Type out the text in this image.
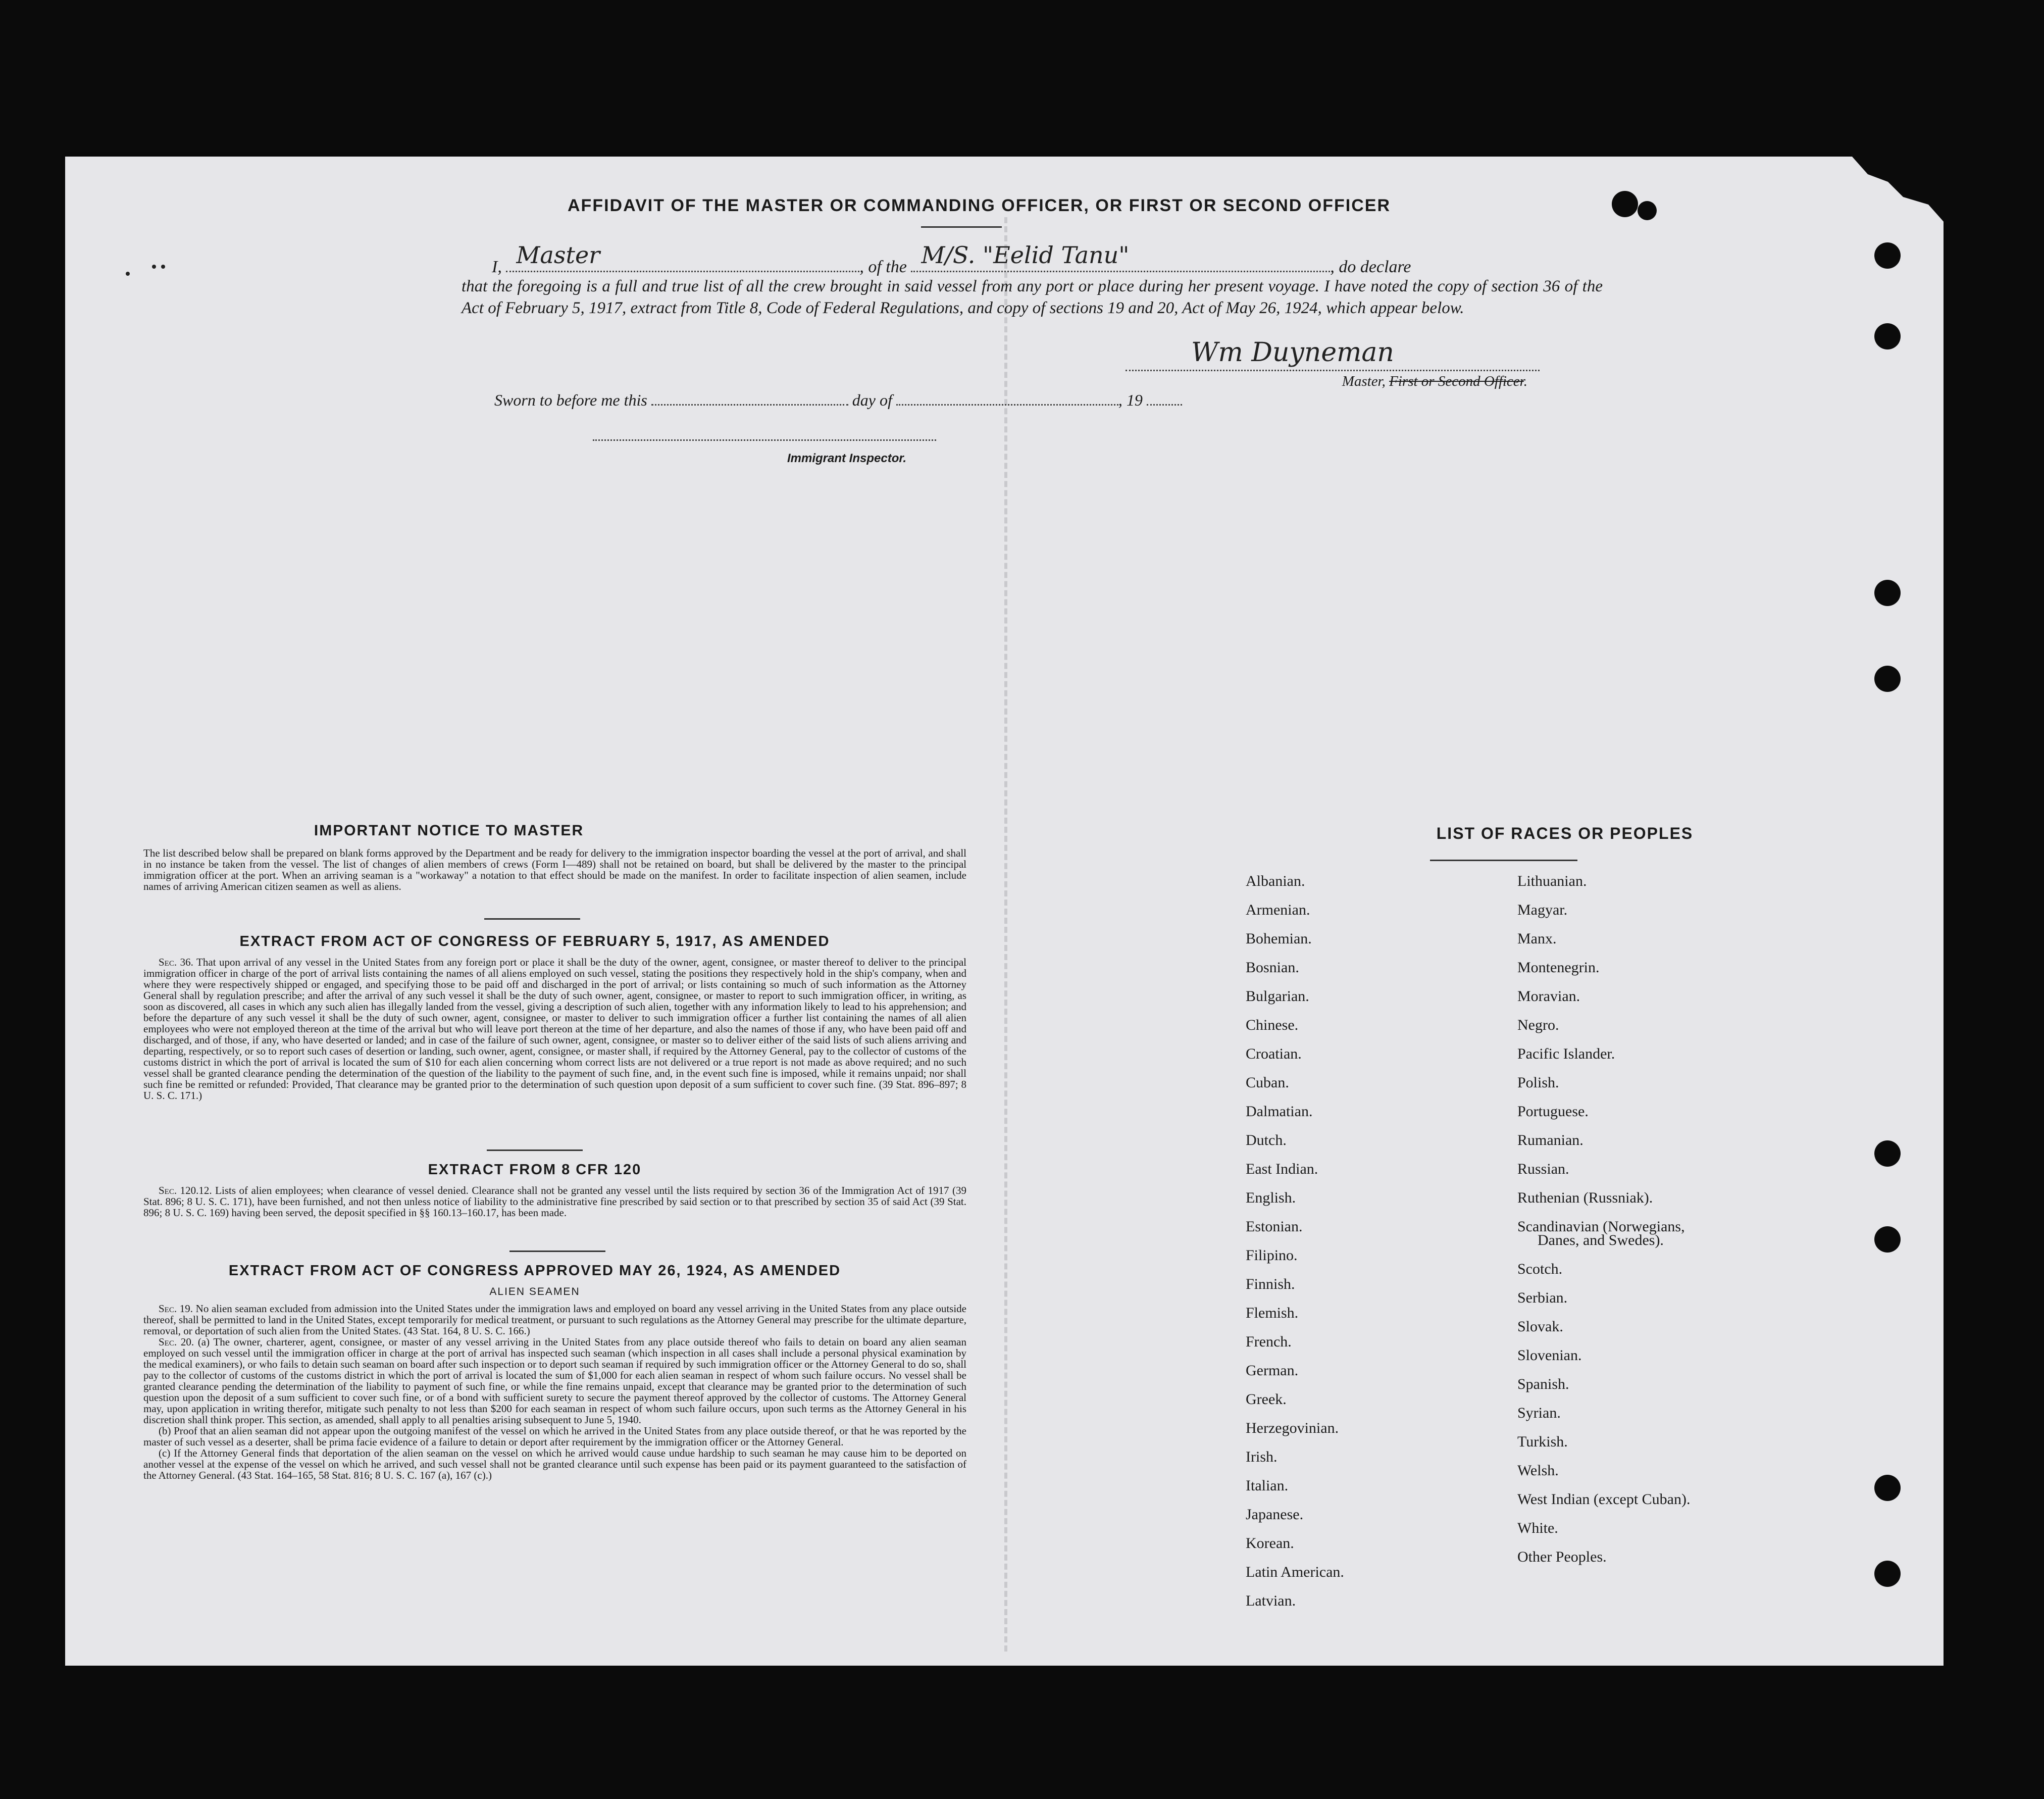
AFFIDAVIT OF THE MASTER OR COMMANDING OFFICER, OR FIRST OR SECOND OFFICER
I, Master	, of the M/S. "Eelid Tanu"	, do declare
that the foregoing is a full and true list of all the crew brought in said vessel from any port or place during her present voyage. I have noted the copy of section 36 of the Act of February 5, 1917, extract from Title 8, Code of Federal Regulations, and copy of sections 19 and 20, Act of May 26, 1924, which appear below.
Wm Duyneman
Master, First or Second Officer.
Sworn to before me this	day of	, 19
Immigrant Inspector.
IMPORTANT NOTICE TO MASTER
The list described below shall be prepared on blank forms approved by the Department and be ready for delivery to the immigration inspector boarding the vessel at the port of arrival, and shall in no instance be taken from the vessel. The list of changes of alien members of crews (Form I—489) shall not be retained on board, but shall be delivered by the master to the principal immigration officer at the port. When an arriving seaman is a "workaway" a notation to that effect should be made on the manifest. In order to facilitate inspection of alien seamen, include names of arriving American citizen seamen as well as aliens.
EXTRACT FROM ACT OF CONGRESS OF FEBRUARY 5, 1917, AS AMENDED
Sec. 36. That upon arrival of any vessel in the United States from any foreign port or place it shall be the duty of the owner, agent, consignee, or master thereof to deliver to the principal immigration officer in charge of the port of arrival lists containing the names of all aliens employed on such vessel, stating the positions they respectively hold in the ship's company, when and where they were respectively shipped or engaged, and specifying those to be paid off and discharged in the port of arrival; or lists containing so much of such information as the Attorney General shall by regulation prescribe; and after the arrival of any such vessel it shall be the duty of such owner, agent, consignee, or master to report to such immigration officer, in writing, as soon as discovered, all cases in which any such alien has illegally landed from the vessel, giving a description of such alien, together with any information likely to lead to his apprehension; and before the departure of any such vessel it shall be the duty of such owner, agent, consignee, or master to deliver to such immigration officer a further list containing the names of all alien employees who were not employed thereon at the time of the arrival but who will leave port thereon at the time of her departure, and also the names of those if any, who have been paid off and discharged, and of those, if any, who have deserted or landed; and in case of the failure of such owner, agent, consignee, or master so to deliver either of the said lists of such aliens arriving and departing, respectively, or so to report such cases of desertion or landing, such owner, agent, consignee, or master shall, if required by the Attorney General, pay to the collector of customs of the customs district in which the port of arrival is located the sum of $10 for each alien concerning whom correct lists are not delivered or a true report is not made as above required; and no such vessel shall be granted clearance pending the determination of the question of the liability to the payment of such fine, and, in the event such fine is imposed, while it remains unpaid; nor shall such fine be remitted or refunded: Provided, That clearance may be granted prior to the determination of such question upon deposit of a sum sufficient to cover such fine. (39 Stat. 896–897; 8 U. S. C. 171.)
EXTRACT FROM 8 CFR 120
Sec. 120.12. Lists of alien employees; when clearance of vessel denied. Clearance shall not be granted any vessel until the lists required by section 36 of the Immigration Act of 1917 (39 Stat. 896; 8 U. S. C. 171), have been furnished, and not then unless notice of liability to the administrative fine prescribed by said section or to that prescribed by section 35 of said Act (39 Stat. 896; 8 U. S. C. 169) having been served, the deposit specified in §§ 160.13–160.17, has been made.
EXTRACT FROM ACT OF CONGRESS APPROVED MAY 26, 1924, AS AMENDED
ALIEN SEAMEN
Sec. 19. No alien seaman excluded from admission into the United States under the immigration laws and employed on board any vessel arriving in the United States from any place outside thereof, shall be permitted to land in the United States, except temporarily for medical treatment, or pursuant to such regulations as the Attorney General may prescribe for the ultimate departure, removal, or deportation of such alien from the United States. (43 Stat. 164, 8 U. S. C. 166.)
Sec. 20. (a) The owner, charterer, agent, consignee, or master of any vessel arriving in the United States from any place outside thereof who fails to detain on board any alien seaman employed on such vessel until the immigration officer in charge at the port of arrival has inspected such seaman (which inspection in all cases shall include a personal physical examination by the medical examiners), or who fails to detain such seaman on board after such inspection or to deport such seaman if required by such immigration officer or the Attorney General to do so, shall pay to the collector of customs of the customs district in which the port of arrival is located the sum of $1,000 for each alien seaman in respect of whom such failure occurs. No vessel shall be granted clearance pending the determination of the liability to payment of such fine, or while the fine remains unpaid, except that clearance may be granted prior to the determination of such question upon the deposit of a sum sufficient to cover such fine, or of a bond with sufficient surety to secure the payment thereof approved by the collector of customs. The Attorney General may, upon application in writing therefor, mitigate such penalty to not less than $200 for each seaman in respect of whom such failure occurs, upon such terms as the Attorney General in his discretion shall think proper. This section, as amended, shall apply to all penalties arising subsequent to June 5, 1940.
(b) Proof that an alien seaman did not appear upon the outgoing manifest of the vessel on which he arrived in the United States from any place outside thereof, or that he was reported by the master of such vessel as a deserter, shall be prima facie evidence of a failure to detain or deport after requirement by the immigration officer or the Attorney General.
(c) If the Attorney General finds that deportation of the alien seaman on the vessel on which he arrived would cause undue hardship to such seaman he may cause him to be deported on another vessel at the expense of the vessel on which he arrived, and such vessel shall not be granted clearance until such expense has been paid or its payment guaranteed to the satisfaction of the Attorney General. (43 Stat. 164–165, 58 Stat. 816; 8 U. S. C. 167 (a), 167 (c).)
LIST OF RACES OR PEOPLES
Albanian.
Armenian.
Bohemian.
Bosnian.
Bulgarian.
Chinese.
Croatian.
Cuban.
Dalmatian.
Dutch.
East Indian.
English.
Estonian.
Filipino.
Finnish.
Flemish.
French.
German.
Greek.
Herzegovinian.
Irish.
Italian.
Japanese.
Korean.
Latin American.
Latvian.
Lithuanian.
Magyar.
Manx.
Montenegrin.
Moravian.
Negro.
Pacific Islander.
Polish.
Portuguese.
Rumanian.
Russian.
Ruthenian (Russniak).
Scandinavian (Norwegians,
Danes, and Swedes).
Scotch.
Serbian.
Slovak.
Slovenian.
Spanish.
Syrian.
Turkish.
Welsh.
West Indian (except Cuban).
White.
Other Peoples.
